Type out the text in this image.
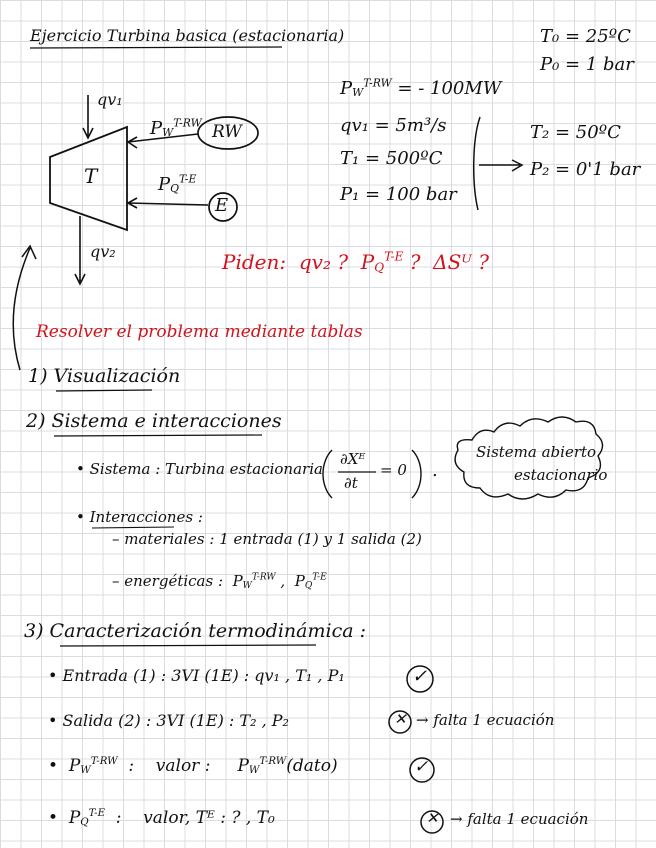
Ejercicio Turbina basica (estacionaria)	T₀ = 25ºC
P₀ = 1 bar
T
qv₁
qv₂
$P_W^{T-RW}$
$P_Q^{T-E}$
RW
E
$P_W^{T-RW}$ = - 100MW
qv₁ = 5m³/s
T₁ = 500ºC
P₁ = 100 bar
T₂ = 50ºC
P₂ = 0'1 bar
Piden: qv₂ ?  $P_Q^{T-E}$ ? ΔSᵁ ?
Resolver el problema mediante tablas
1) Visualización
2) Sistema e interacciones
• Sistema : Turbina estacionaria
∂Xᴱ
∂t
= 0 .
Sistema abierto
estacionario
• Interacciones :
– materiales : 1 entrada (1) y 1 salida (2)
– energéticas :  $P_W^{T-RW}$ ,  $P_Q^{T-E}$
3) Caracterización termodinámica :
• Entrada (1) : 3VI (1E) : qv₁ , T₁ , P₁	✓
• Salida (2) : 3VI (1E) : T₂ , P₂	✕ → falta 1 ecuación
•  $P_W^{T-RW}$  :    valor :     $P_W^{T-RW}(dato)$	✓
•  $P_Q^{T-E}$  :    valor, Tᴱ : ? , T₀	✕ → falta 1 ecuación
